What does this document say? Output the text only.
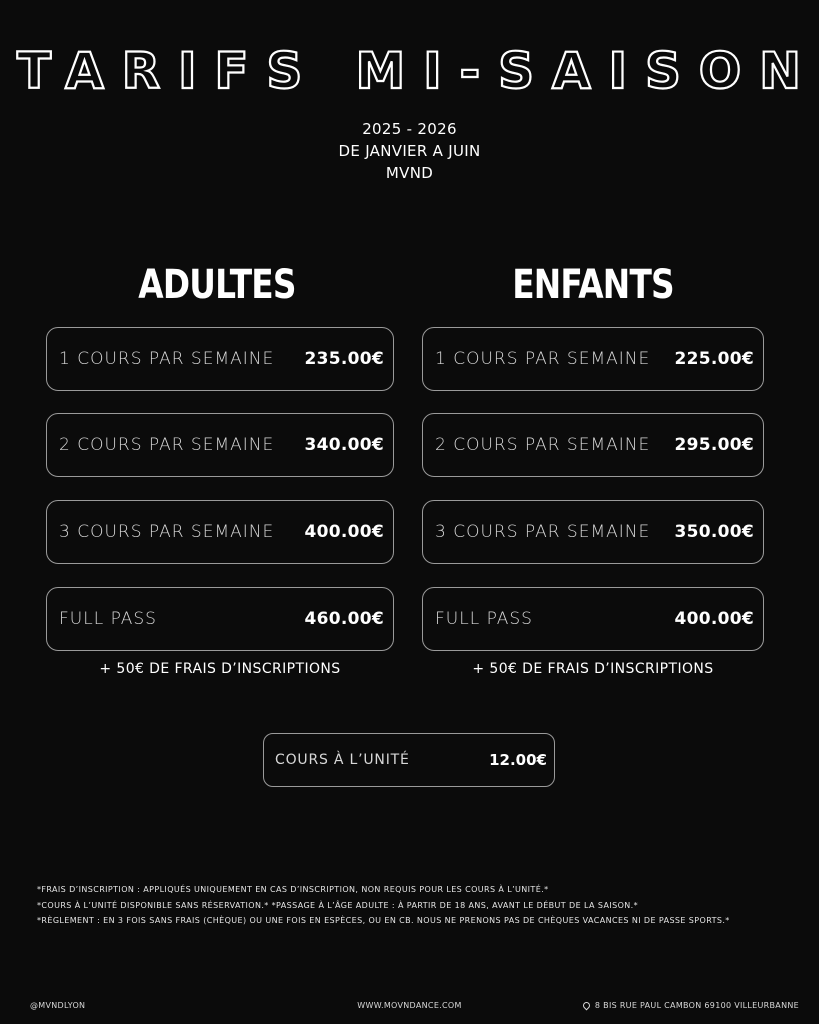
TARIFS MI-SAISON
2025 - 2026
DE JANVIER A JUIN
MVND
ADULTES	ENFANTS
1 COURS PAR SEMAINE 235.00€
2 COURS PAR SEMAINE 340.00€
3 COURS PAR SEMAINE 400.00€
FULL PASS	460.00€
+ 50€ DE FRAIS D’INSCRIPTIONS
1 COURS PAR SEMAINE 225.00€
2 COURS PAR SEMAINE 295.00€
3 COURS PAR SEMAINE 350.00€
FULL PASS	400.00€
+ 50€ DE FRAIS D’INSCRIPTIONS
COURS À L’UNITÉ	12.00€
*FRAIS D’INSCRIPTION : APPLIQUÉS UNIQUEMENT EN CAS D’INSCRIPTION, NON REQUIS POUR LES COURS À L’UNITÉ.*
*COURS À L’UNITÉ DISPONIBLE SANS RÉSERVATION.* *PASSAGE À L’ÂGE ADULTE : À PARTIR DE 18 ANS, AVANT LE DÉBUT DE LA SAISON.*
*RÈGLEMENT : EN 3 FOIS SANS FRAIS (CHÈQUE) OU UNE FOIS EN ESPÈCES, OU EN CB. NOUS NE PRENONS PAS DE CHÈQUES VACANCES NI DE PASSE SPORTS.*
@MVNDLYON	WWW.MOVNDANCE.COM	8 BIS RUE PAUL CAMBON 69100 VILLEURBANNE
